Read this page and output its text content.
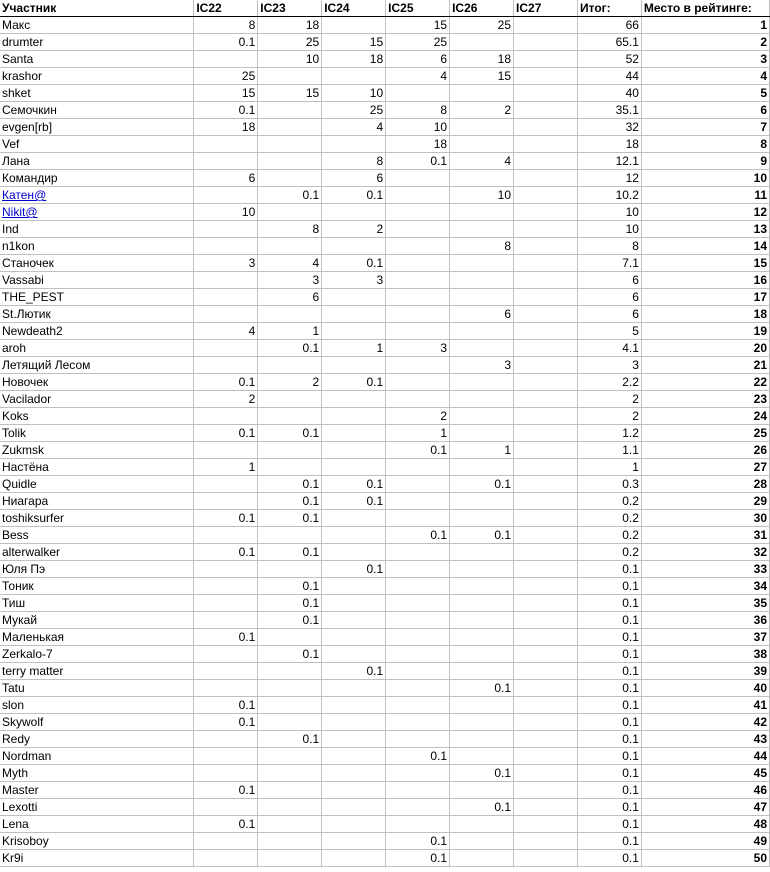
Участник	IC22	IC23	IC24	IC25	IC26	IC27	Итог:	Место в рейтинге:
Макс	8	18		15	25		66	1
drumter	0.1	25	15	25			65.1	2
Santa		10	18	6	18		52	3
krashor	25			4	15		44	4
shket	15	15	10				40	5
Семочкин	0.1		25	8	2		35.1	6
evgen[rb]	18		4	10			32	7
Vef				18			18	8
Лана			8	0.1	4		12.1	9
Командир	6		6				12	10
Катен@		0.1	0.1		10		10.2	11
Nikit@	10						10	12
Ind		8	2				10	13
n1kon					8		8	14
Станочек	3	4	0.1				7.1	15
Vassabi		3	3				6	16
THE_PEST		6					6	17
St.Лютик					6		6	18
Newdeath2	4	1					5	19
aroh		0.1	1	3			4.1	20
Летящий Лесом					3		3	21
Новочек	0.1	2	0.1				2.2	22
Vacilador	2						2	23
Koks				2			2	24
Tolik	0.1	0.1		1			1.2	25
Zukmsk				0.1	1		1.1	26
Настёна	1						1	27
Quidle		0.1	0.1		0.1		0.3	28
Ниагара		0.1	0.1				0.2	29
toshiksurfer	0.1	0.1					0.2	30
Bess				0.1	0.1		0.2	31
alterwalker	0.1	0.1					0.2	32
Юля Пэ			0.1				0.1	33
Тоник		0.1					0.1	34
Тиш		0.1					0.1	35
Мукай		0.1					0.1	36
Маленькая	0.1						0.1	37
Zerkalo-7		0.1					0.1	38
terry matter			0.1				0.1	39
Tatu					0.1		0.1	40
slon	0.1						0.1	41
Skywolf	0.1						0.1	42
Redy		0.1					0.1	43
Nordman				0.1			0.1	44
Myth					0.1		0.1	45
Master	0.1						0.1	46
Lexotti					0.1		0.1	47
Lena	0.1						0.1	48
Krisoboy				0.1			0.1	49
Kr9i				0.1			0.1	50
